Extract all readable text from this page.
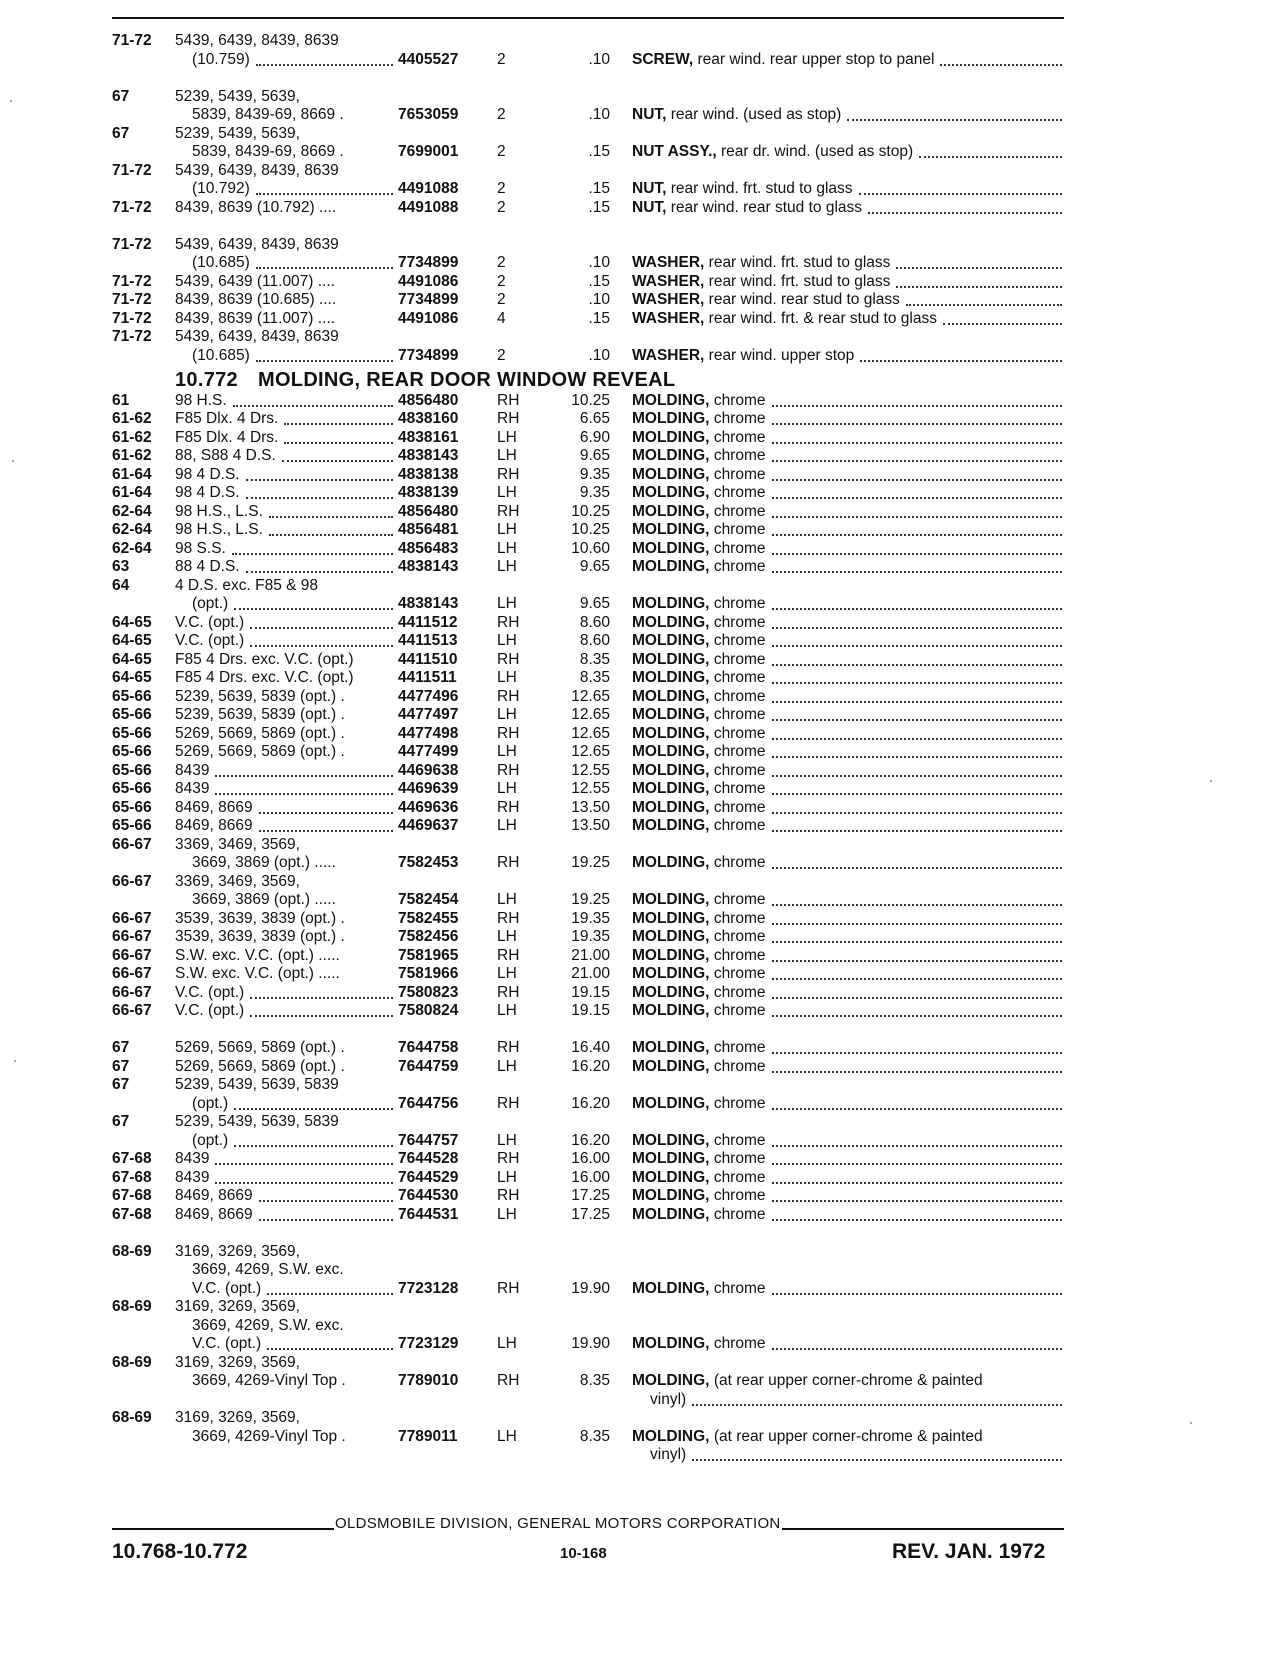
71-72 5439, 6439, 8439, 8639
(10.759)	4405527 2	.10 SCREW, rear wind. rear upper stop to panel
67	5239, 5439, 5639,
5839, 8439-69, 8669 .	7653059 2	.10 NUT, rear wind. (used as stop)
67	5239, 5439, 5639,
5839, 8439-69, 8669 .	7699001 2	.15 NUT ASSY., rear dr. wind. (used as stop)
71-72 5439, 6439, 8439, 8639
(10.792)	4491088 2	.15 NUT, rear wind. frt. stud to glass
71-72 8439, 8639 (10.792) ....	4491088 2	.15 NUT, rear wind. rear stud to glass
71-72 5439, 6439, 8439, 8639
(10.685)	7734899 2	.10 WASHER, rear wind. frt. stud to glass
71-72 5439, 6439 (11.007) ....	4491086 2	.15 WASHER, rear wind. frt. stud to glass
71-72 8439, 8639 (10.685) ....	7734899 2	.10 WASHER, rear wind. rear stud to glass
71-72 8439, 8639 (11.007) ....	4491086 4	.15 WASHER, rear wind. frt. & rear stud to glass
71-72 5439, 6439, 8439, 8639
(10.685)	7734899 2	.10 WASHER, rear wind. upper stop
61	98 H.S.	4856480 RH	10.25 MOLDING, chrome
61-62 F85 Dlx. 4 Drs.	4838160 RH	6.65 MOLDING, chrome
61-62 F85 Dlx. 4 Drs.	4838161 LH	6.90 MOLDING, chrome
61-62 88, S88 4 D.S.	4838143 LH	9.65 MOLDING, chrome
61-64 98 4 D.S.	4838138 RH	9.35 MOLDING, chrome
61-64 98 4 D.S.	4838139 LH	9.35 MOLDING, chrome
62-64 98 H.S., L.S.	4856480 RH	10.25 MOLDING, chrome
62-64 98 H.S., L.S.	4856481 LH	10.25 MOLDING, chrome
62-64 98 S.S.	4856483 LH	10.60 MOLDING, chrome
63	88 4 D.S.	4838143 LH	9.65 MOLDING, chrome
64	4 D.S. exc. F85 & 98
(opt.)	4838143 LH	9.65 MOLDING, chrome
64-65 V.C. (opt.)	4411512	RH	8.60 MOLDING, chrome
64-65 V.C. (opt.)	4411513	LH	8.60 MOLDING, chrome
64-65 F85 4 Drs. exc. V.C. (opt.)	4411510	RH	8.35 MOLDING, chrome
64-65 F85 4 Drs. exc. V.C. (opt.)	4411511	LH	8.35 MOLDING, chrome
65-66 5239, 5639, 5839 (opt.) .	4477496 RH	12.65 MOLDING, chrome
65-66 5239, 5639, 5839 (opt.) .	4477497 LH	12.65 MOLDING, chrome
65-66 5269, 5669, 5869 (opt.) .	4477498 RH	12.65 MOLDING, chrome
65-66 5269, 5669, 5869 (opt.) .	4477499 LH	12.65 MOLDING, chrome
65-66 8439	4469638 RH	12.55 MOLDING, chrome
65-66 8439	4469639 LH	12.55 MOLDING, chrome
65-66 8469, 8669	4469636 RH	13.50 MOLDING, chrome
65-66 8469, 8669	4469637 LH	13.50 MOLDING, chrome
66-67 3369, 3469, 3569,
3669, 3869 (opt.) .....	7582453 RH	19.25 MOLDING, chrome
66-67 3369, 3469, 3569,
3669, 3869 (opt.) .....	7582454 LH	19.25 MOLDING, chrome
66-67 3539, 3639, 3839 (opt.) .	7582455 RH	19.35 MOLDING, chrome
66-67 3539, 3639, 3839 (opt.) .	7582456 LH	19.35 MOLDING, chrome
66-67 S.W. exc. V.C. (opt.) .....	7581965 RH	21.00 MOLDING, chrome
66-67 S.W. exc. V.C. (opt.) .....	7581966 LH	21.00 MOLDING, chrome
66-67 V.C. (opt.)	7580823 RH	19.15 MOLDING, chrome
66-67 V.C. (opt.)	7580824 LH	19.15 MOLDING, chrome
67	5269, 5669, 5869 (opt.) .	7644758 RH	16.40 MOLDING, chrome
67	5269, 5669, 5869 (opt.) .	7644759 LH	16.20 MOLDING, chrome
67	5239, 5439, 5639, 5839
(opt.)	7644756 RH	16.20 MOLDING, chrome
67	5239, 5439, 5639, 5839
(opt.)	7644757 LH	16.20 MOLDING, chrome
67-68 8439	7644528 RH	16.00 MOLDING, chrome
67-68 8439	7644529 LH	16.00 MOLDING, chrome
67-68 8469, 8669	7644530 RH	17.25 MOLDING, chrome
67-68 8469, 8669	7644531 LH	17.25 MOLDING, chrome
68-69 3169, 3269, 3569,
3669, 4269, S.W. exc.
V.C. (opt.)	7723128 RH	19.90 MOLDING, chrome
68-69 3169, 3269, 3569,
3669, 4269, S.W. exc.
V.C. (opt.)	7723129 LH	19.90 MOLDING, chrome
68-69 3169, 3269, 3569,
3669, 4269-Vinyl Top .	7789010 RH	8.35 MOLDING, (at rear upper corner-chrome & painted
vinyl)
68-69 3169, 3269, 3569,
3669, 4269-Vinyl Top .	7789011	LH	8.35 MOLDING, (at rear upper corner-chrome & painted
vinyl)
10.772 MOLDING, REAR DOOR WINDOW REVEAL
OLDSMOBILE DIVISION, GENERAL MOTORS CORPORATION
10.768-10.772	10-168	REV. JAN. 1972
